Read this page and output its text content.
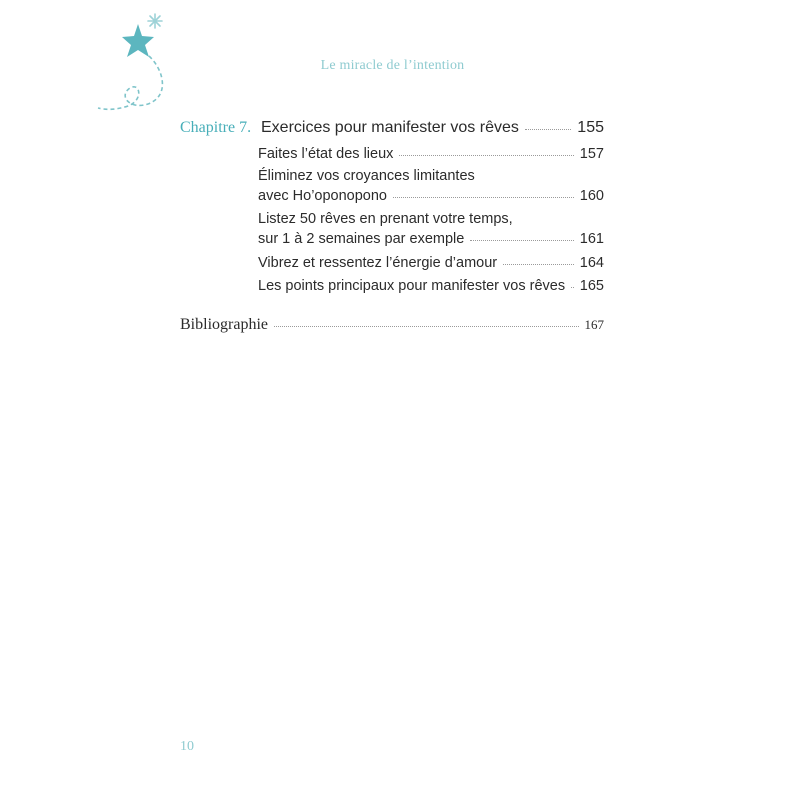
Le miracle de l’intention
Chapitre 7. Exercices pour manifester vos rêves	155
Faites l’état des lieux	157
Éliminez vos croyances limitantes
avec Ho’oponopono	160
Listez 50 rêves en prenant votre temps,
sur 1 à 2 semaines par exemple	161
Vibrez et ressentez l’énergie d’amour	164
Les points principaux pour manifester vos rêves 165
Bibliographie	167
10
